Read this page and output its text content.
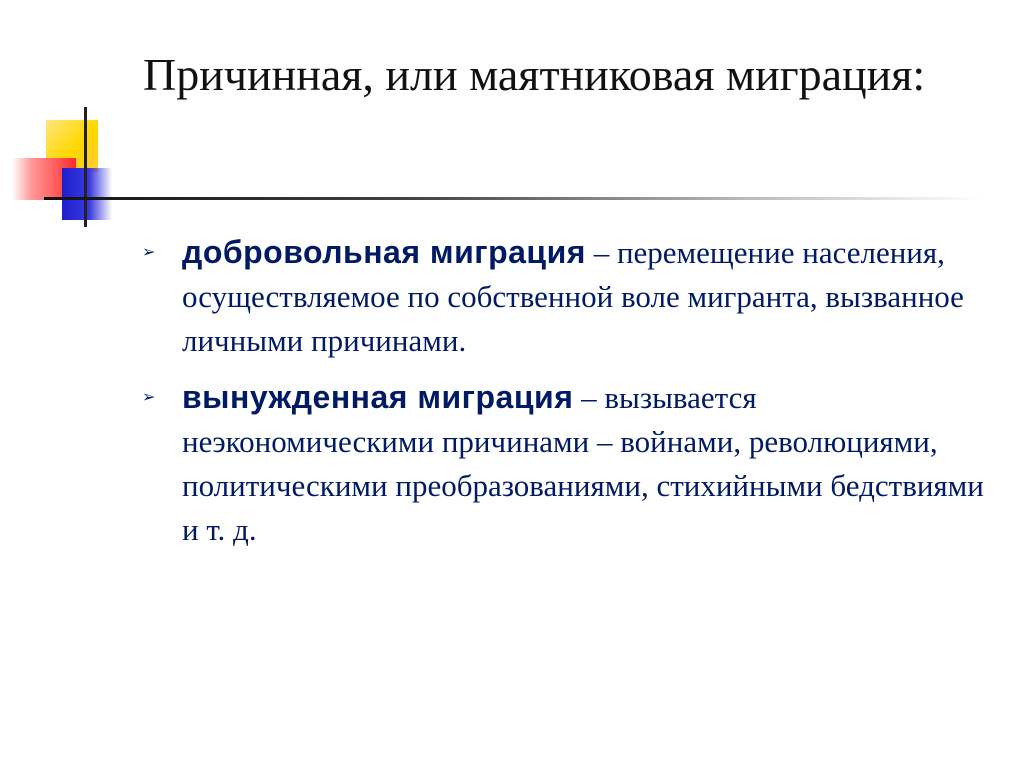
Причинная, или маятниковая миграция:
➢ добровольная миграция – перемещение населения, осуществляемое по собственной воле мигранта, вызванное личными причинами.
➢ вынужденная миграция – вызывается неэкономическими причинами – войнами, революциями, политическими преобразованиями, стихийными бедствиями и т. д.
